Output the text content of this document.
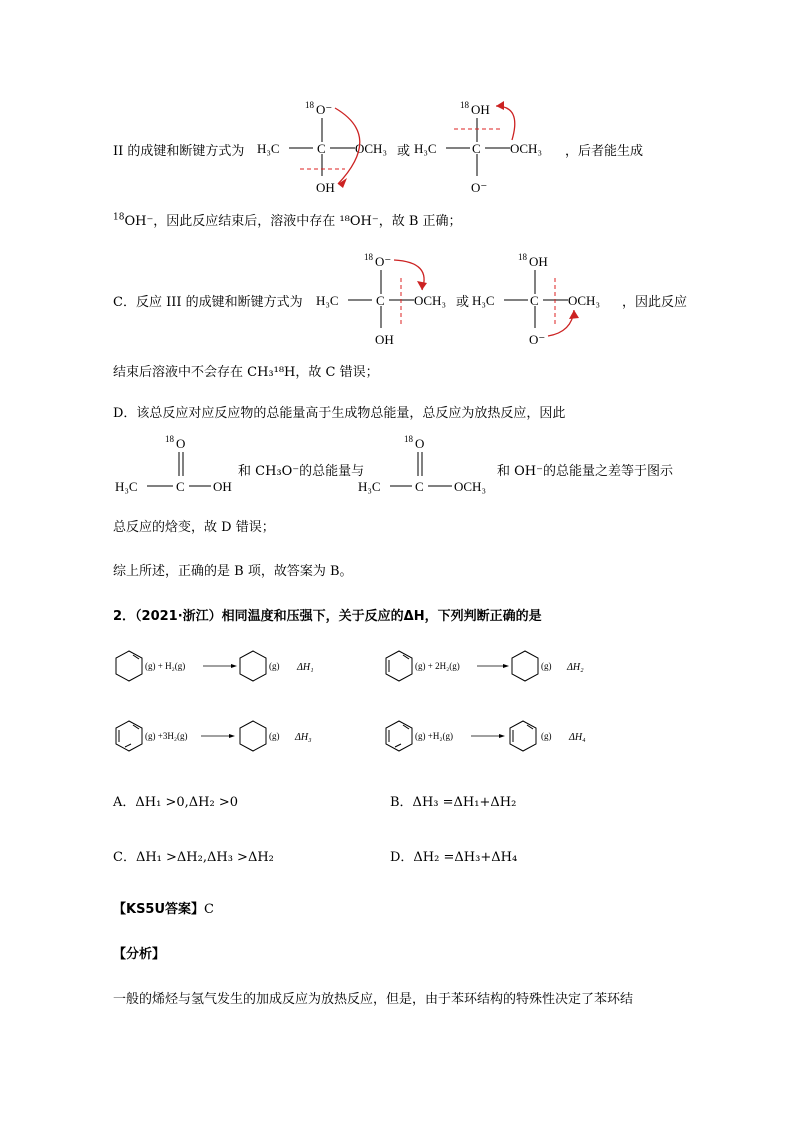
II 的成键和断键方式为
18 O⁻
H₃C	C OCH₃
OH
或
18 OH
H₃C	C OCH₃
O⁻
，后者能生成
$^{18}$OH⁻，因此反应结束后，溶液中存在 ¹⁸OH⁻，故 B 正确；
C．反应 III 的成键和断键方式为
18 O⁻
H₃C	C OCH₃
OH
或
18 OH
H₃C	C OCH₃
O⁻
，因此反应
结束后溶液中不会存在 CH₃¹⁸H，故 C 错误；
D．该总反应对应反应物的总能量高于生成物总能量，总反应为放热反应，因此
18 O
H₃C	C OH
和 CH₃O⁻的总能量与
18 O
H₃C	C OCH₃
和 OH⁻的总能量之差等于图示
总反应的焓变，故 D 错误；
综上所述，正确的是 B 项，故答案为 B。
2．（2021·浙江）相同温度和压强下，关于反应的ΔH，下列判断正确的是
(g) + H₂(g)	(g) ΔH₁	(g) + 2H₂(g)	(g) ΔH₂
(g) +3H₂(g)	(g) ΔH₃	(g) +H₂(g)	(g) ΔH₄
A．ΔH₁ >0,ΔH₂ >0	B．ΔH₃ =ΔH₁+ΔH₂
C．ΔH₁ >ΔH₂,ΔH₃ >ΔH₂	D．ΔH₂ =ΔH₃+ΔH₄
【KS5U答案】C
【分析】
一般的烯烃与氢气发生的加成反应为放热反应，但是，由于苯环结构的特殊性决定了苯环结
